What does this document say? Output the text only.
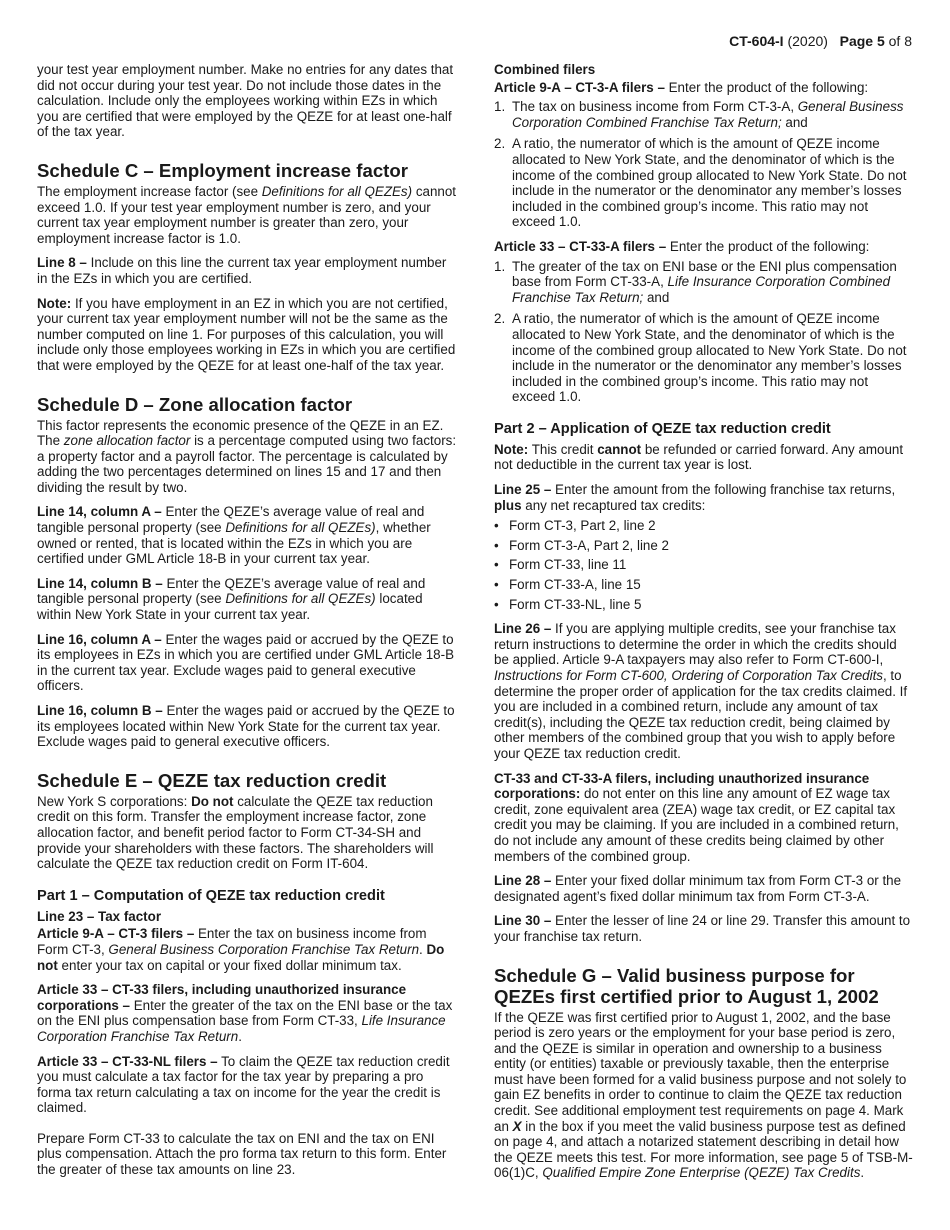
CT-604-I (2020) Page 5 of 8

your test year employment number. Make no entries for any dates that did not occur during your test year. Do not include those dates in the calculation. Include only the employees working within EZs in which you are certified that were employed by the QEZE for at least one-half of the tax year.

Schedule C – Employment increase factor

The employment increase factor (see Definitions for all QEZEs) cannot exceed 1.0. If your test year employment number is zero, and your current tax year employment number is greater than zero, your employment increase factor is 1.0.

Line 8 – Include on this line the current tax year employment number in the EZs in which you are certified.

Note: If you have employment in an EZ in which you are not certified, your current tax year employment number will not be the same as the number computed on line 1. For purposes of this calculation, you will include only those employees working in EZs in which you are certified that were employed by the QEZE for at least one-half of the tax year.

Schedule D – Zone allocation factor

This factor represents the economic presence of the QEZE in an EZ. The zone allocation factor is a percentage computed using two factors: a property factor and a payroll factor. The percentage is calculated by adding the two percentages determined on lines 15 and 17 and then dividing the result by two.

Line 14, column A – Enter the QEZE’s average value of real and tangible personal property (see Definitions for all QEZEs), whether owned or rented, that is located within the EZs in which you are certified under GML Article 18-B in your current tax year.

Line 14, column B – Enter the QEZE’s average value of real and tangible personal property (see Definitions for all QEZEs) located within New York State in your current tax year.

Line 16, column A – Enter the wages paid or accrued by the QEZE to its employees in EZs in which you are certified under GML Article 18-B in the current tax year. Exclude wages paid to general executive officers.

Line 16, column B – Enter the wages paid or accrued by the QEZE to its employees located within New York State for the current tax year. Exclude wages paid to general executive officers.

Schedule E – QEZE tax reduction credit

New York S corporations: Do not calculate the QEZE tax reduction credit on this form. Transfer the employment increase factor, zone allocation factor, and benefit period factor to Form CT-34-SH and provide your shareholders with these factors. The shareholders will calculate the QEZE tax reduction credit on Form IT-604.

Part 1 – Computation of QEZE tax reduction credit
Line 23 – Tax factor

Article 9-A – CT-3 filers – Enter the tax on business income from Form CT-3, General Business Corporation Franchise Tax Return. Do not enter your tax on capital or your fixed dollar minimum tax.

Article 33 – CT-33 filers, including unauthorized insurance corporations – Enter the greater of the tax on the ENI base or the tax on the ENI plus compensation base from Form CT-33, Life Insurance Corporation Franchise Tax Return.

Article 33 – CT-33-NL filers – To claim the QEZE tax reduction credit you must calculate a tax factor for the tax year by preparing a pro forma tax return calculating a tax on income for the year the credit is claimed.

Prepare Form CT-33 to calculate the tax on ENI and the tax on ENI plus compensation. Attach the pro forma tax return to this form. Enter the greater of these tax amounts on line 23.

Combined filers

Article 9-A – CT-3-A filers – Enter the product of the following:

1. The tax on business income from Form CT-3-A, General Business Corporation Combined Franchise Tax Return; and
2. A ratio, the numerator of which is the amount of QEZE income allocated to New York State, and the denominator of which is the income of the combined group allocated to New York State. Do not include in the numerator or the denominator any member’s losses included in the combined group’s income. This ratio may not exceed 1.0.

Article 33 – CT-33-A filers – Enter the product of the following:

1. The greater of the tax on ENI base or the ENI plus compensation base from Form CT-33-A, Life Insurance Corporation Combined Franchise Tax Return; and
2. A ratio, the numerator of which is the amount of QEZE income allocated to New York State, and the denominator of which is the income of the combined group allocated to New York State. Do not include in the numerator or the denominator any member’s losses included in the combined group’s income. This ratio may not exceed 1.0.
Part 2 – Application of QEZE tax reduction credit

Note: This credit cannot be refunded or carried forward. Any amount not deductible in the current tax year is lost.

Line 25 – Enter the amount from the following franchise tax returns, plus any net recaptured tax credits:

• Form CT-3, Part 2, line 2
• Form CT-3-A, Part 2, line 2
• Form CT-33, line 11
• Form CT-33-A, line 15
• Form CT-33-NL, line 5

Line 26 – If you are applying multiple credits, see your franchise tax return instructions to determine the order in which the credits should be applied. Article 9-A taxpayers may also refer to Form CT-600-I, Instructions for Form CT-600, Ordering of Corporation Tax Credits, to determine the proper order of application for the tax credits claimed. If you are included in a combined return, include any amount of tax credit(s), including the QEZE tax reduction credit, being claimed by other members of the combined group that you wish to apply before your QEZE tax reduction credit.

CT-33 and CT-33-A filers, including unauthorized insurance corporations: do not enter on this line any amount of EZ wage tax credit, zone equivalent area (ZEA) wage tax credit, or EZ capital tax credit you may be claiming. If you are included in a combined return, do not include any amount of these credits being claimed by other members of the combined group.

Line 28 – Enter your fixed dollar minimum tax from Form CT-3 or the designated agent’s fixed dollar minimum tax from Form CT-3-A.

Line 30 – Enter the lesser of line 24 or line 29. Transfer this amount to your franchise tax return.

Schedule G – Valid business purpose for QEZEs first certified prior to August 1, 2002

If the QEZE was first certified prior to August 1, 2002, and the base period is zero years or the employment for your base period is zero, and the QEZE is similar in operation and ownership to a business entity (or entities) taxable or previously taxable, then the enterprise must have been formed for a valid business purpose and not solely to gain EZ benefits in order to continue to claim the QEZE tax reduction credit. See additional employment test requirements on page 4. Mark an X in the box if you meet the valid business purpose test as defined on page 4, and attach a notarized statement describing in detail how the QEZE meets this test. For more information, see page 5 of TSB-M-06(1)C, Qualified Empire Zone Enterprise (QEZE) Tax Credits.
